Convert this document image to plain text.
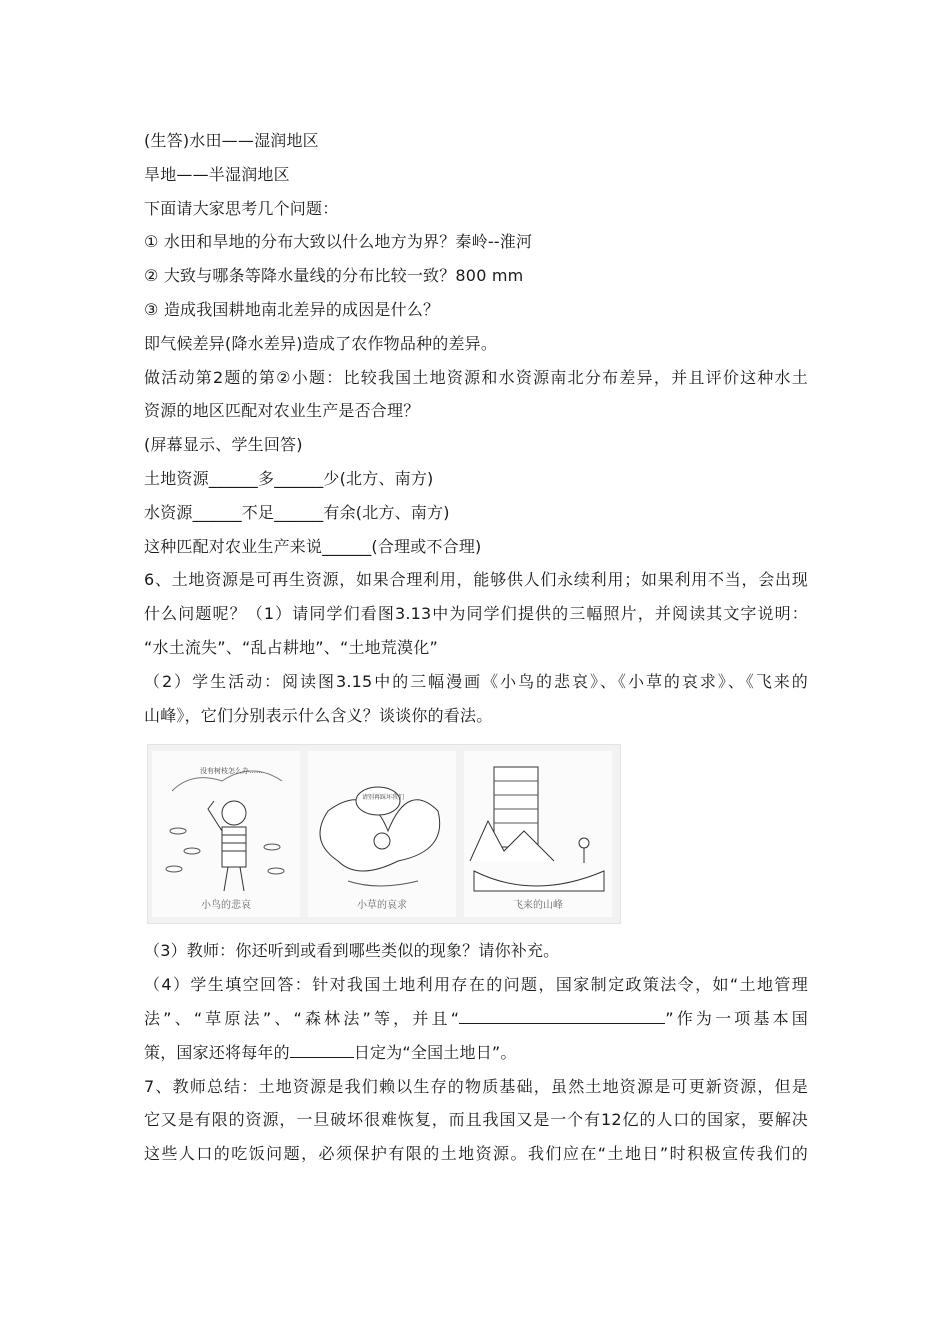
(生答)水田——湿润地区
旱地——半湿润地区
下面请大家思考几个问题：
① 水田和旱地的分布大致以什么地方为界？秦岭--淮河
② 大致与哪条等降水量线的分布比较一致？800 mm
③ 造成我国耕地南北差异的成因是什么？
即气候差异(降水差异)造成了农作物品种的差异。
做活动第2题的第②小题：比较我国土地资源和水资源南北分布差异，并且评价这种水土
资源的地区匹配对农业生产是否合理？
(屏幕显示、学生回答)
土地资源______多______少(北方、南方)
水资源______不足______有余(北方、南方)
这种匹配对农业生产来说______(合理或不合理)
6、土地资源是可再生资源，如果合理利用，能够供人们永续利用；如果利用不当，会出现
什么问题呢？（1）请同学们看图3.13中为同学们提供的三幅照片，并阅读其文字说明：
“水土流失”、“乱占耕地”、“土地荒漠化”
（2）学生活动：阅读图3.15中的三幅漫画《小鸟的悲哀》、《小草的哀求》、《飞来的
山峰》，它们分别表示什么含义？谈谈你的看法。
没有树枝怎么办……
小鸟的悲哀
请别再踩坏我们
小草的哀求	飞来的山峰
（3）教师：你还听到或看到哪些类似的现象？请你补充。
（4）学生填空回答：针对我国土地利用存在的问题，国家制定政策法令，如“土地管理
法”、“草原法”、“森林法”等，并且“	”作为一项基本国
策，国家还将每年的	日定为“全国土地日”。
7、教师总结：土地资源是我们赖以生存的物质基础，虽然土地资源是可更新资源，但是
它又是有限的资源，一旦破坏很难恢复，而且我国又是一个有12亿的人口的国家，要解决
这些人口的吃饭问题，必须保护有限的土地资源。我们应在“土地日”时积极宣传我们的
